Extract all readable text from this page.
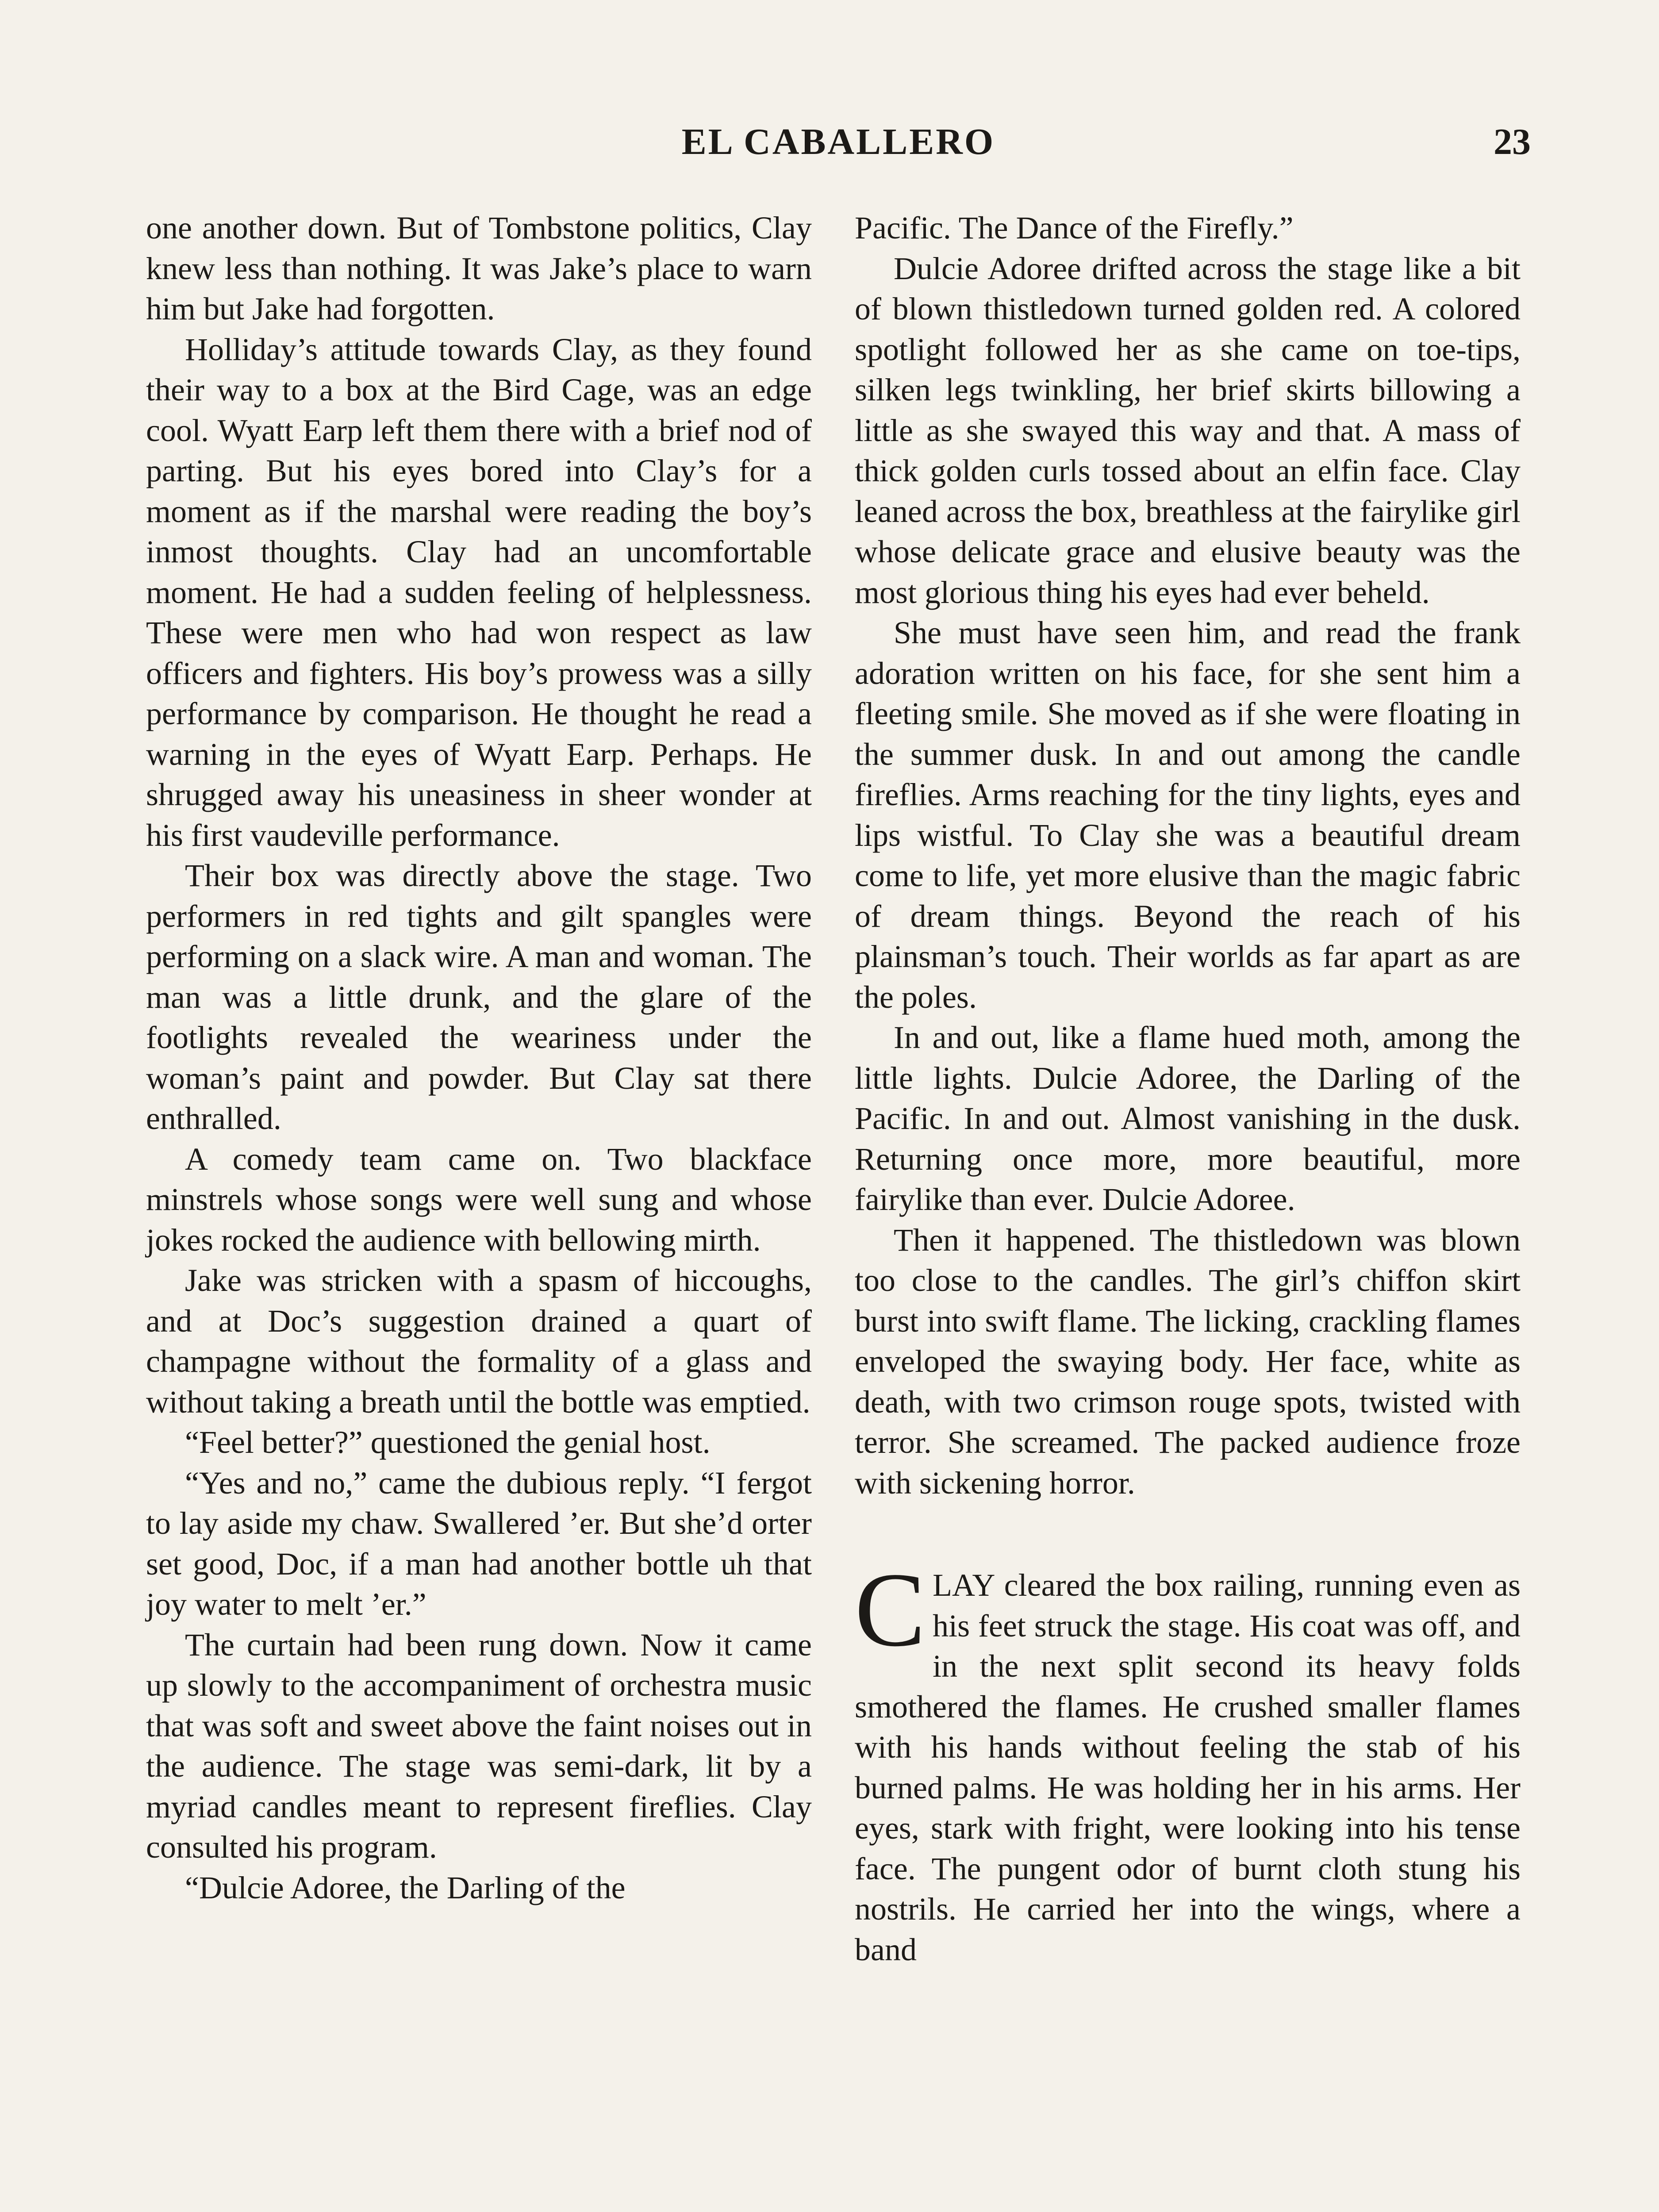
EL CABALLERO	23

one another down. But of Tombstone politics, Clay knew less than nothing. It was Jake’s place to warn him but Jake had forgotten.

Holliday’s attitude towards Clay, as they found their way to a box at the Bird Cage, was an edge cool. Wyatt Earp left them there with a brief nod of parting. But his eyes bored into Clay’s for a moment as if the marshal were reading the boy’s inmost thoughts. Clay had an uncomfortable moment. He had a sudden feeling of helplessness. These were men who had won respect as law officers and fighters. His boy’s prowess was a silly performance by comparison. He thought he read a warning in the eyes of Wyatt Earp. Perhaps. He shrugged away his uneasiness in sheer wonder at his first vaudeville performance.

Their box was directly above the stage. Two performers in red tights and gilt spangles were performing on a slack wire. A man and woman. The man was a little drunk, and the glare of the footlights revealed the weariness under the woman’s paint and powder. But Clay sat there enthralled.

A comedy team came on. Two blackface minstrels whose songs were well sung and whose jokes rocked the audience with bellowing mirth.

Jake was stricken with a spasm of hiccoughs, and at Doc’s suggestion drained a quart of champagne without the formality of a glass and without taking a breath until the bottle was emptied.

“Feel better?” questioned the genial host.

“Yes and no,” came the dubious reply. “I fergot to lay aside my chaw. Swallered ’er. But she’d orter set good, Doc, if a man had another bottle uh that joy water to melt ’er.”

The curtain had been rung down. Now it came up slowly to the accompaniment of orchestra music that was soft and sweet above the faint noises out in the audience. The stage was semi-dark, lit by a myriad candles meant to represent fireflies. Clay consulted his program.

“Dulcie Adoree, the Darling of the

Pacific. The Dance of the Firefly.”

Dulcie Adoree drifted across the stage like a bit of blown thistledown turned golden red. A colored spotlight followed her as she came on toe-tips, silken legs twinkling, her brief skirts billowing a little as she swayed this way and that. A mass of thick golden curls tossed about an elfin face. Clay leaned across the box, breathless at the fairylike girl whose delicate grace and elusive beauty was the most glorious thing his eyes had ever beheld.

She must have seen him, and read the frank adoration written on his face, for she sent him a fleeting smile. She moved as if she were floating in the summer dusk. In and out among the candle fireflies. Arms reaching for the tiny lights, eyes and lips wistful. To Clay she was a beautiful dream come to life, yet more elusive than the magic fabric of dream things. Beyond the reach of his plainsman’s touch. Their worlds as far apart as are the poles.

In and out, like a flame hued moth, among the little lights. Dulcie Adoree, the Darling of the Pacific. In and out. Almost vanishing in the dusk. Returning once more, more beautiful, more fairylike than ever. Dulcie Adoree.

Then it happened. The thistledown was blown too close to the candles. The girl’s chiffon skirt burst into swift flame. The licking, crackling flames enveloped the swaying body. Her face, white as death, with two crimson rouge spots, twisted with terror. She screamed. The packed audience froze with sickening horror.

CLAY cleared the box railing, running even as his feet struck the stage. His coat was off, and in the next split second its heavy folds smothered the flames. He crushed smaller flames with his hands without feeling the stab of his burned palms. He was holding her in his arms. Her eyes, stark with fright, were looking into his tense face. The pungent odor of burnt cloth stung his nostrils. He carried her into the wings, where a band
